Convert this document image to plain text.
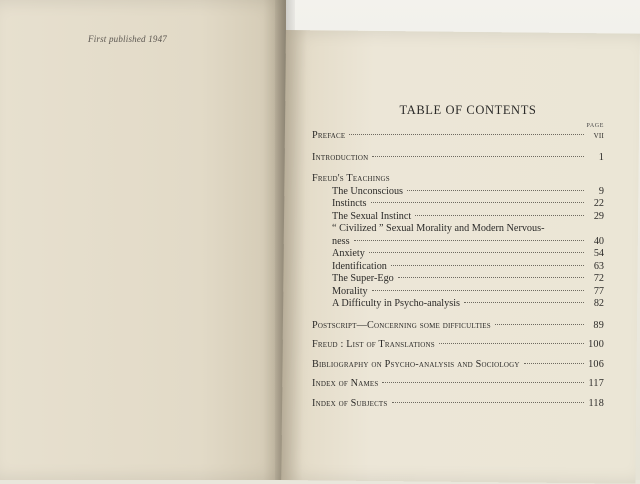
First published 1947
TABLE OF CONTENTS
PAGE
Preface	vii
Introduction	1
Freud's Teachings
The Unconscious	9
Instincts	22
The Sexual Instinct	29
“ Civilized ” Sexual Morality and Modern Nervous-
ness	40
Anxiety	54
Identification	63
The Super-Ego	72
Morality	77
A Difficulty in Psycho-analysis	82
Postscript—Concerning some difficulties	89
Freud : List of Translations	100
Bibliography on Psycho-analysis and Sociology	106
Index of Names	117
Index of Subjects	118
